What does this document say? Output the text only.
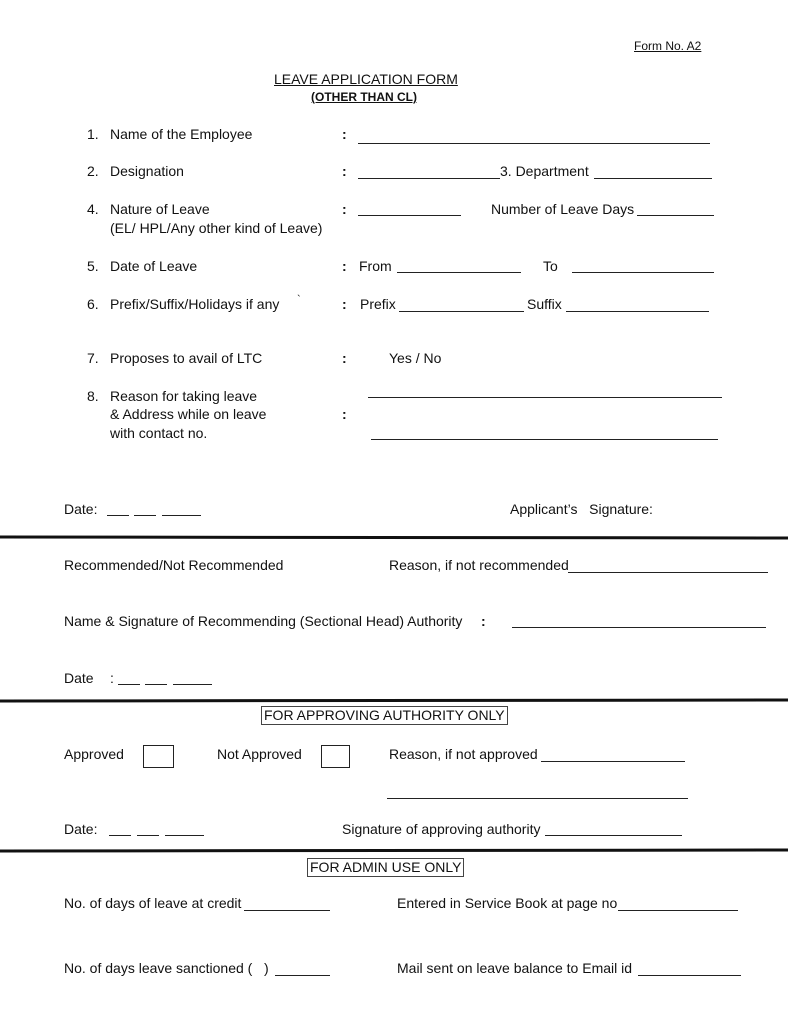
Form No. A2
LEAVE APPLICATION FORM
(OTHER THAN CL)
1. Name of the Employee	:
2. Designation	:	3. Department
4. Nature of Leave
(EL/ HPL/Any other kind of Leave)
:	Number of Leave Days
5. Date of Leave	: From	To
6. Prefix/Suffix/Holidays if any `	: Prefix	Suffix
7. Proposes to avail of LTC	:	Yes / No
8. Reason for taking leave
& Address while on leave
with contact no.
:
Date:	Applicant’s   Signature:
Recommended/Not Recommended	Reason, if not recommended
Name & Signature of Recommending (Sectional Head) Authority :
Date :
FOR APPROVING AUTHORITY ONLY
Approved	Not Approved	Reason, if not approved
Date:	Signature of approving authority
FOR ADMIN USE ONLY
No. of days of leave at credit	Entered in Service Book at page no
No. of days leave sanctioned (   )	Mail sent on leave balance to Email id
